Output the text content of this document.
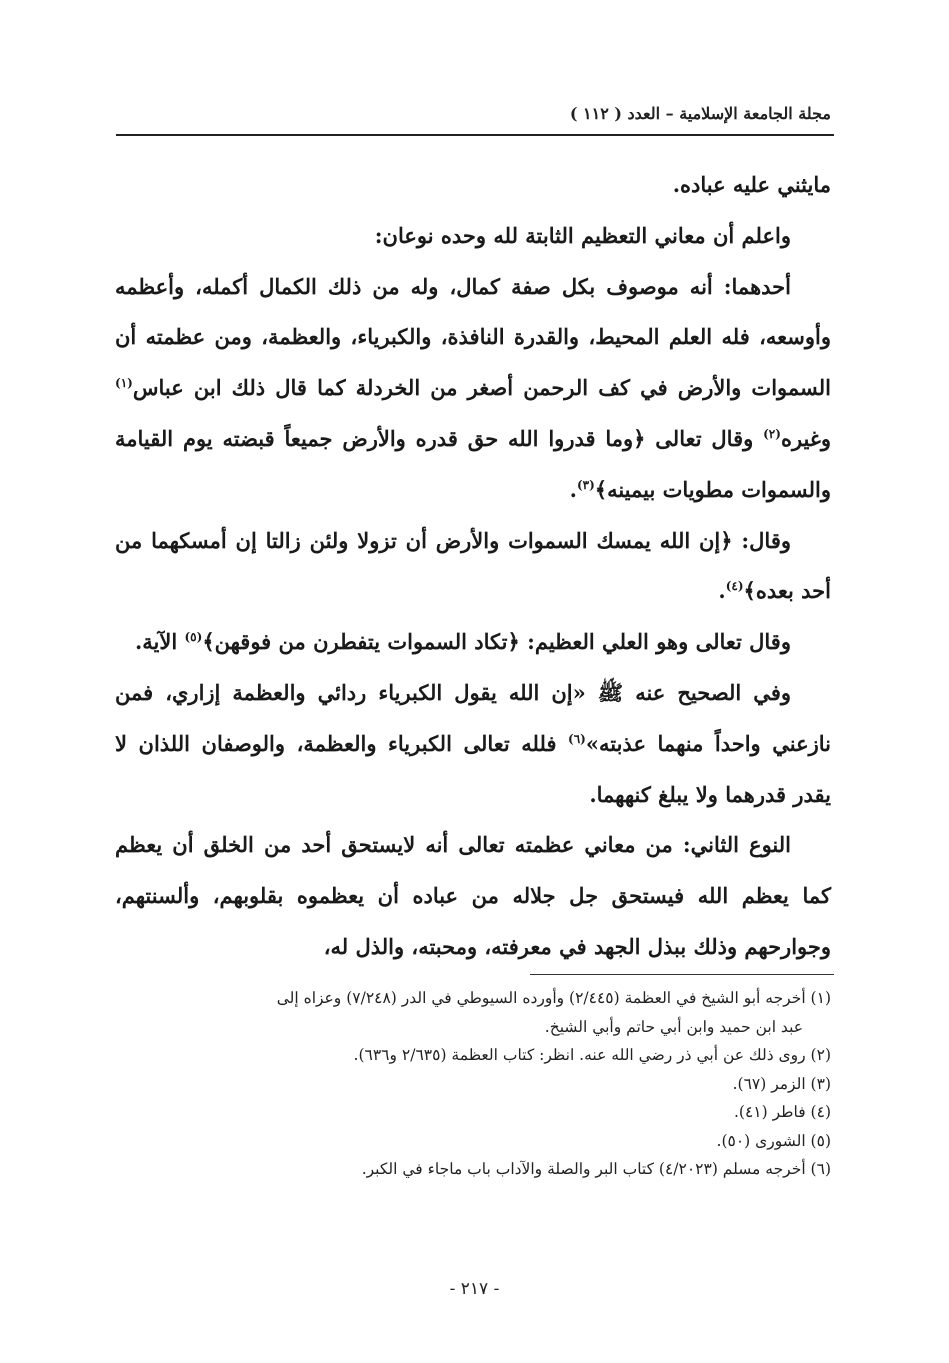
مجلة الجامعة الإسلامية – العدد ( ١١٢ )

مايثني عليه عباده.

واعلم أن معاني التعظيم الثابتة لله وحده نوعان:

أحدهما: أنه موصوف بكل صفة كمال، وله من ذلك الكمال أكمله، وأعظمه وأوسعه، فله العلم المحيط، والقدرة النافذة، والكبرياء، والعظمة، ومن عظمته أن السموات والأرض في كف الرحمن أصغر من الخردلة كما قال ذلك ابن عباس$^{(١)}$ وغيره$^{(٢)}$ وقال تعالى ﴿وما قدروا الله حق قدره والأرض جميعاً قبضته يوم القيامة والسموات مطويات بيمينه﴾$^{(٣)}$.

وقال: ﴿إن الله يمسك السموات والأرض أن تزولا ولئن زالتا إن أمسكهما من أحد بعده﴾$^{(٤)}$.

وقال تعالى وهو العلي العظيم: ﴿تكاد السموات يتفطرن من فوقهن﴾$^{(٥)}$ الآية.

وفي الصحيح عنه ﷺ «إن الله يقول الكبرياء ردائي والعظمة إزاري، فمن نازعني واحداً منهما عذبته»$^{(٦)}$ فلله تعالى الكبرياء والعظمة، والوصفان اللذان لا يقدر قدرهما ولا يبلغ كنههما.

النوع الثاني: من معاني عظمته تعالى أنه لايستحق أحد من الخلق أن يعظم كما يعظم الله فيستحق جل جلاله من عباده أن يعظموه بقلوبهم، وألسنتهم، وجوارحهم وذلك ببذل الجهد في معرفته، ومحبته، والذل له،

(١) أخرجه أبو الشيخ في العظمة (٢/٤٤٥) وأورده السيوطي في الدر (٧/٢٤٨) وعزاه إلى

عبد ابن حميد وابن أبي حاتم وأبي الشيخ.

(٢) روى ذلك عن أبي ذر رضي الله عنه. انظر: كتاب العظمة (٢/٦٣٥ و٦٣٦).

(٣) الزمر (٦٧).

(٤) فاطر (٤١).

(٥) الشورى (٥٠).

(٦) أخرجه مسلم (٤/٢٠٢٣) كتاب البر والصلة والآداب باب ماجاء في الكبر.

- ٢١٧ -
